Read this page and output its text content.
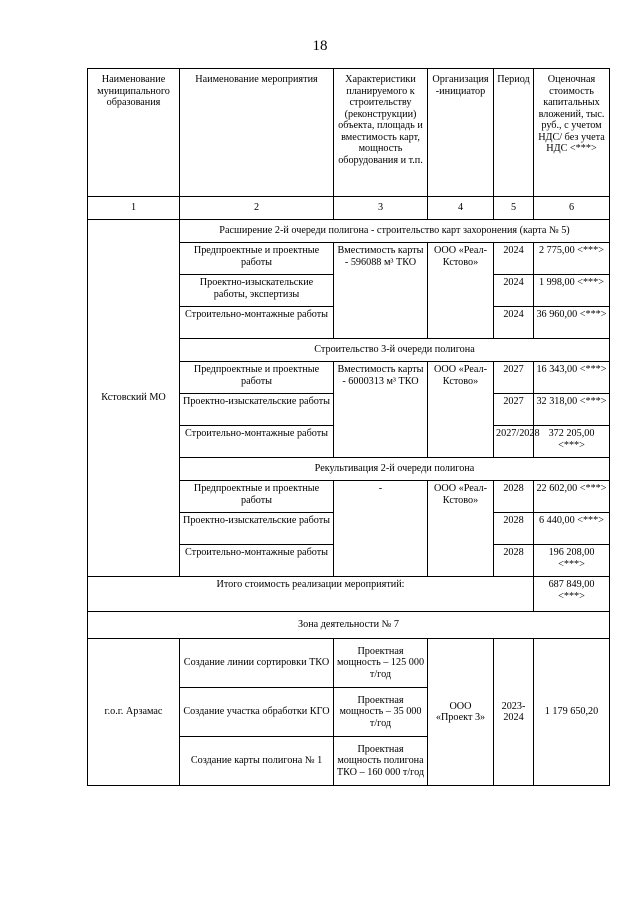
18
Наименование муниципального образования	Наименование мероприятия	Характеристики планируемого к строительству (реконструкции) объекта, площадь и вместимость карт, мощность оборудования и т.п.	Организация -инициатор	Период	Оценочная стоимость капитальных вложений, тыс. руб., с учетом НДС/ без учета НДС <***>
1	2	3	4	5	6
Кстовский МО	Расширение 2-й очереди полигона - строительство карт захоронения (карта № 5)				
	Предпроектные и проектные работы	Вместимость карты - 596088 м³ ТКО	ООО «Реал-Кстово»	2024	2 775,00 <***>
	Проектно-изыскательские работы, экспертизы			2024	1 998,00 <***>
	Строительно-монтажные работы			2024	36 960,00 <***>
	Строительство 3-й очереди полигона				
	Предпроектные и проектные работы	Вместимость карты - 6000313 м³ ТКО	ООО «Реал-Кстово»	2027	16 343,00 <***>
	Проектно-изыскательские работы			2027	32 318,00 <***>
	Строительно-монтажные работы			2027/2028	372 205,00 <***>
	Рекультивация 2-й очереди полигона				
	Предпроектные и проектные работы	-	ООО «Реал-Кстово»	2028	22 602,00 <***>
	Проектно-изыскательские работы			2028	6 440,00 <***>
	Строительно-монтажные работы			2028	196 208,00 <***>
Итого стоимость реализации мероприятий:					687 849,00 <***>
Зона деятельности № 7					
г.о.г. Арзамас	Создание линии сортировки ТКО	Проектная мощность – 125 000 т/год	ООО «Проект 3»	2023-2024	1 179 650,20
	Создание участка обработки КГО	Проектная мощность – 35 000 т/год			
	Создание карты полигона № 1	Проектная мощность полигона ТКО – 160 000 т/год			
